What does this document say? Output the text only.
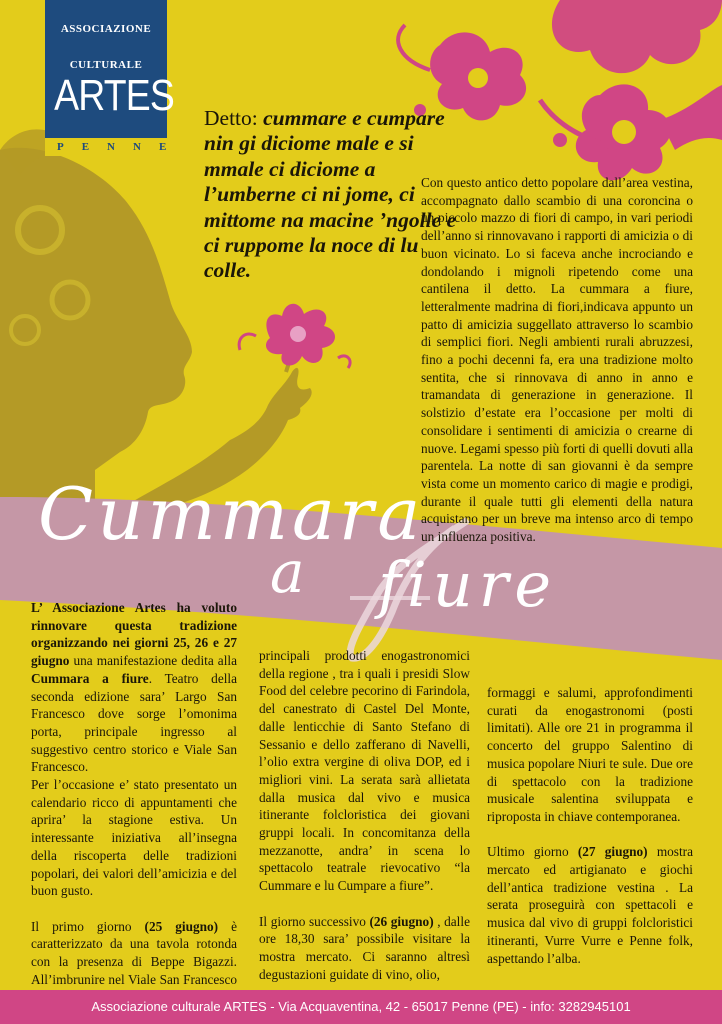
ASSOCIAZIONE
CULTURALE
ARTES
PENNE
Detto: cummare e cumpare nin gi diciome male e si mmale ci diciome a l’umberne ci ni jome, ci mittome na macine ’ngolle e ci ruppome la noce di lu colle.
Con questo antico detto popolare dall’area vestina, accompagnato dallo scambio di una coroncina o un piccolo mazzo di fiori di campo, in vari periodi dell’anno si rinnovavano i rapporti di amicizia o di buon vicinato. Lo si faceva anche incrociando e dondolando i mignoli ripetendo come una cantilena il detto. La cummara a fiure, letteralmente madrina di fiori,indicava appunto un patto di amicizia suggellato attraverso lo scambio di semplici fiori. Negli ambienti rurali abruzzesi, fino a pochi decenni fa, era una tradizione molto sentita, che si rinnovava di anno in anno e tramandata di generazione in generazione. Il solstizio d’estate era l’occasione per molti di consolidare i sentimenti di amicizia o crearne di nuove. Legami spesso più forti di quelli dovuti alla parentela. La notte di san giovanni è da sempre vista come un momento carico di magie e prodigi, durante il quale tutti gli elementi della natura acquistano per un breve ma intenso arco di tempo un influenza positiva.
Cummara
a fiure

L’ Associazione Artes ha voluto rinnovare questa tradizione organizzando nei giorni 25, 26 e 27 giugno una manifestazione dedita alla Cummara a fiure. Teatro della seconda edizione sara’ Largo San Francesco dove sorge l’omonima porta, principale ingresso al suggestivo centro storico e Viale San Francesco.

Per l’occasione e’ stato presentato un calendario ricco di appuntamenti che aprira’ la stagione estiva. Un interessante iniziativa all’insegna della riscoperta delle tradizioni popolari, dei valori dell’amicizia e del buon gusto.

Il primo giorno (25 giugno) è caratterizzato da una tavola rotonda con la presenza di Beppe Bigazzi. All’imbrunire nel Viale San Francesco

principali prodotti enogastronomici della regione , tra i quali i presidi Slow Food del celebre pecorino di Farindola, del canestrato di Castel Del Monte, dalle lenticchie di Santo Stefano di Sessanio e dello zafferano di Navelli, l’olio extra vergine di oliva DOP, ed i migliori vini. La serata sarà allietata dalla musica dal vivo e musica itinerante folcloristica dei giovani gruppi locali. In concomitanza della mezzanotte, andra’ in scena lo spettacolo teatrale rievocativo “la Cummare e lu Cumpare a fiure”.

Il giorno successivo (26 giugno) , dalle ore 18,30 sara’ possibile visitare la mostra mercato. Ci saranno altresì degustazioni guidate di vino, olio,

formaggi e salumi, approfondimenti curati da enogastronomi (posti limitati). Alle ore 21 in programma il concerto del gruppo Salentino di musica popolare Niuri te sule. Due ore di spettacolo con la tradizione musicale salentina sviluppata e riproposta in chiave contemporanea.

Ultimo giorno (27 giugno) mostra mercato ed artigianato e giochi dell’antica tradizione vestina . La serata proseguirà con spettacoli e musica dal vivo di gruppi folcloristici itineranti, Vurre Vurre e Penne folk, aspettando l’alba.

Associazione culturale ARTES - Via Acquaventina, 42 - 65017 Penne (PE) - info: 3282945101
